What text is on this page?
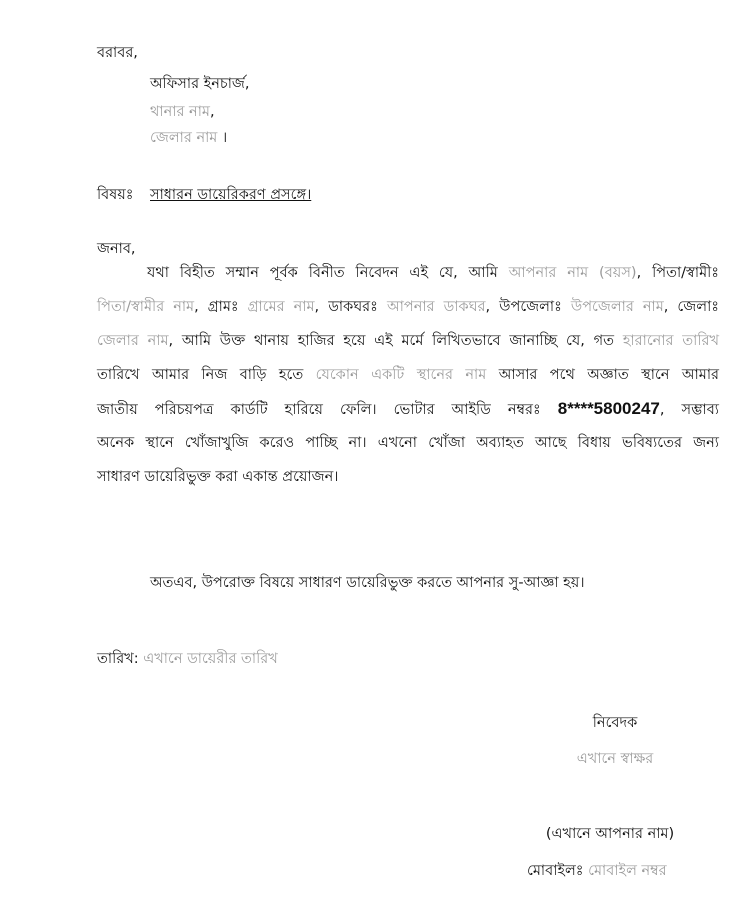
বরাবর,
অফিসার ইনচার্জ,
থানার নাম,
জেলার নাম ।
বিষয়ঃ সাধারন ডায়েরিকরণ প্রসঙ্গে।
জনাব,
যথা বিহীত সম্মান পূর্বক বিনীত নিবেদন এই যে, আমি আপনার নাম (বয়স), পিতা/স্বামীঃ
পিতা/স্বামীর নাম, গ্রামঃ গ্রামের নাম, ডাকঘরঃ আপনার ডাকঘর, উপজেলাঃ উপজেলার নাম, জেলাঃ
জেলার নাম, আমি উক্ত থানায় হাজির হয়ে এই মর্মে লিখিতভাবে জানাচ্ছি যে, গত হারানোর তারিখ
তারিখে আমার নিজ বাড়ি হতে যেকোন একটি স্থানের নাম আসার পথে অজ্ঞাত স্থানে আমার
জাতীয় পরিচয়পত্র কার্ডটি হারিয়ে ফেলি। ভোটার আইডি নম্বরঃ 8****5800247, সম্ভাব্য
অনেক স্থানে খোঁজাখুজি করেও পাচ্ছি না। এখনো খোঁজা অব্যাহত আছে বিধায় ভবিষ্যতের জন্য
সাধারণ ডায়েরিভুক্ত করা একান্ত প্রয়োজন।
অতএব, উপরোক্ত বিষয়ে সাধারণ ডায়েরিভুক্ত করতে আপনার সু-আজ্ঞা হয়।
তারিখ: এখানে ডায়েরীর তারিখ
নিবেদক
এখানে স্বাক্ষর
(এখানে আপনার নাম)
মোবাইলঃ মোবাইল নম্বর
